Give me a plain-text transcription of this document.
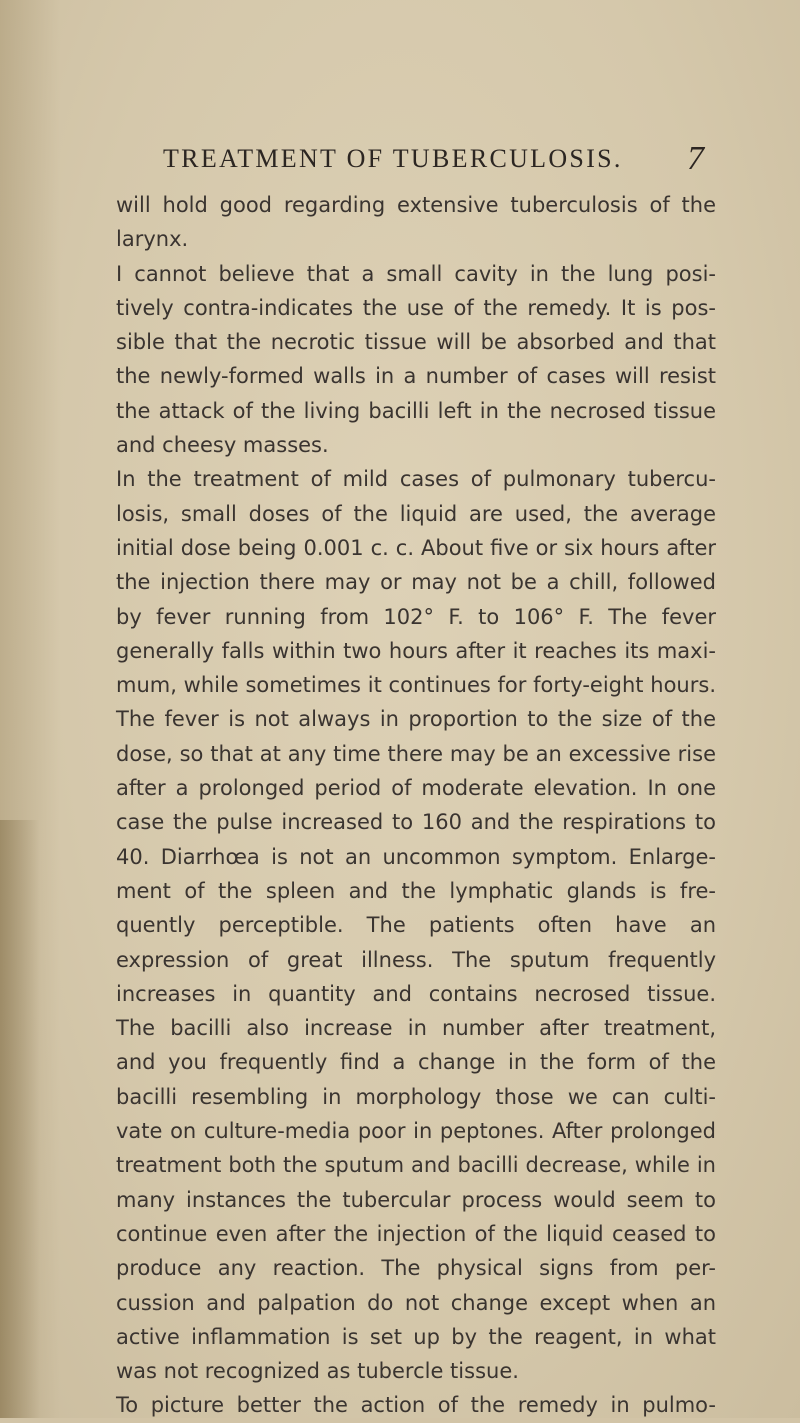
TREATMENT OF TUBERCULOSIS. 7
will hold good regarding extensive tuberculosis of the
larynx.
I cannot believe that a small cavity in the lung posi-
tively contra-indicates the use of the remedy. It is pos-
sible that the necrotic tissue will be absorbed and that
the newly-formed walls in a number of cases will resist
the attack of the living bacilli left in the necrosed tissue
and cheesy masses.
In the treatment of mild cases of pulmonary tubercu-
losis, small doses of the liquid are used, the average
initial dose being 0.001 c. c. About five or six hours after
the injection there may or may not be a chill, followed
by fever running from 102° F. to 106° F. The fever
generally falls within two hours after it reaches its maxi-
mum, while sometimes it continues for forty-eight hours.
The fever is not always in proportion to the size of the
dose, so that at any time there may be an excessive rise
after a prolonged period of moderate elevation. In one
case the pulse increased to 160 and the respirations to
40. Diarrhœa is not an uncommon symptom. Enlarge-
ment of the spleen and the lymphatic glands is fre-
quently perceptible. The patients often have an
expression of great illness. The sputum frequently
increases in quantity and contains necrosed tissue.
The bacilli also increase in number after treatment,
and you frequently find a change in the form of the
bacilli resembling in morphology those we can culti-
vate on culture-media poor in peptones. After prolonged
treatment both the sputum and bacilli decrease, while in
many instances the tubercular process would seem to
continue even after the injection of the liquid ceased to
produce any reaction. The physical signs from per-
cussion and palpation do not change except when an
active inflammation is set up by the reagent, in what
was not recognized as tubercle tissue.
To picture better the action of the remedy in pulmo-
